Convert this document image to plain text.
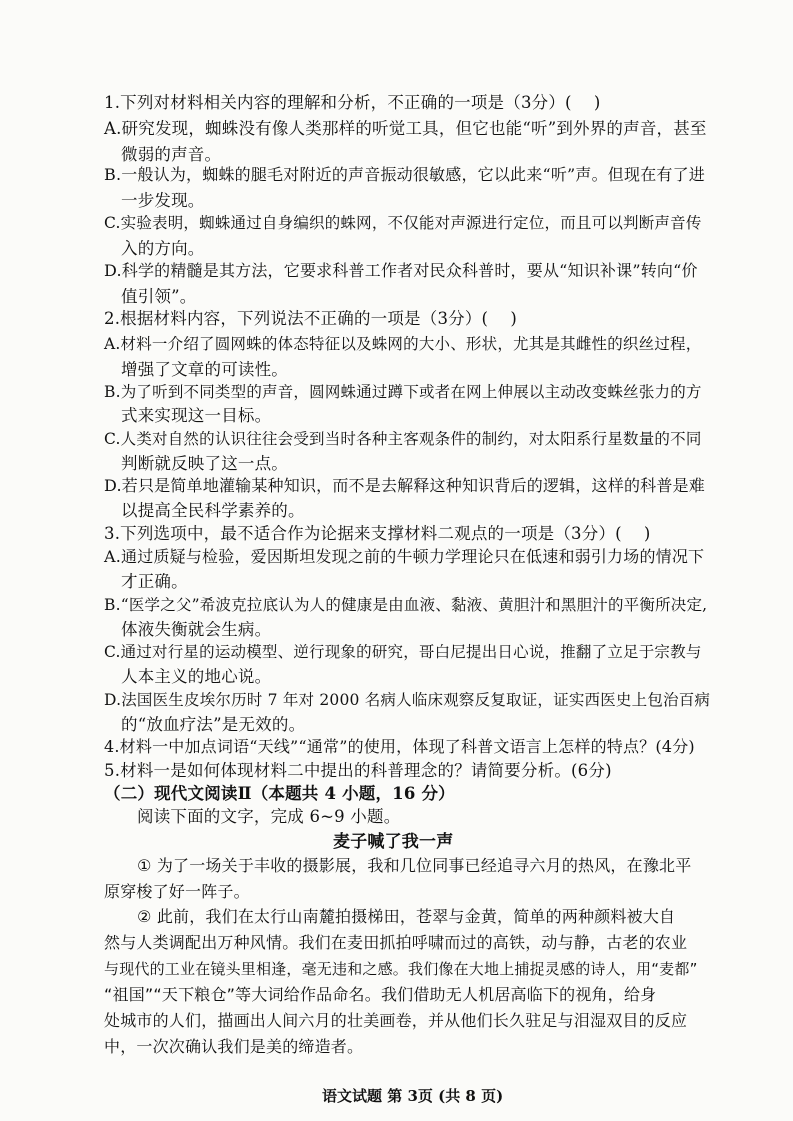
1.下列对材料相关内容的理解和分析，不正确的一项是（3分）(　 )
A.研究发现，蜘蛛没有像人类那样的听觉工具，但它也能“听”到外界的声音，甚至
微弱的声音。
B.一般认为，蜘蛛的腿毛对附近的声音振动很敏感，它以此来“听”声。但现在有了进
一步发现。
C.实验表明，蜘蛛通过自身编织的蛛网，不仅能对声源进行定位，而且可以判断声音传
入的方向。
D.科学的精髓是其方法，它要求科普工作者对民众科普时，要从“知识补课”转向“价
值引领”。
2.根据材料内容，下列说法不正确的一项是（3分）(　 )
A.材料一介绍了圆网蛛的体态特征以及蛛网的大小、形状，尤其是其雌性的织丝过程，
增强了文章的可读性。
B.为了听到不同类型的声音，圆网蛛通过蹲下或者在网上伸展以主动改变蛛丝张力的方
式来实现这一目标。
C.人类对自然的认识往往会受到当时各种主客观条件的制约，对太阳系行星数量的不同
判断就反映了这一点。
D.若只是简单地灌输某种知识，而不是去解释这种知识背后的逻辑，这样的科普是难
以提高全民科学素养的。
3.下列选项中，最不适合作为论据来支撑材料二观点的一项是（3分）(　 )
A.通过质疑与检验，爱因斯坦发现之前的牛顿力学理论只在低速和弱引力场的情况下
才正确。
B.“医学之父”希波克拉底认为人的健康是由血液、黏液、黄胆汁和黑胆汁的平衡所决定,
体液失衡就会生病。
C.通过对行星的运动模型、逆行现象的研究，哥白尼提出日心说，推翻了立足于宗教与
人本主义的地心说。
D.法国医生皮埃尔历时 7 年对 2000 名病人临床观察反复取证，证实西医史上包治百病
的“放血疗法”是无效的。
4.材料一中加点词语“天线”“通常”的使用，体现了科普文语言上怎样的特点？(4分)
5.材料一是如何体现材料二中提出的科普理念的？请简要分析。(6分)
（二）现代文阅读Ⅱ（本题共 4 小题，16 分）
阅读下面的文字，完成 6~9 小题。
麦子喊了我一声
① 为了一场关于丰收的摄影展，我和几位同事已经追寻六月的热风，在豫北平
原穿梭了好一阵子。
② 此前，我们在太行山南麓拍摄梯田，苍翠与金黄，简单的两种颜料被大自
然与人类调配出万种风情。我们在麦田抓拍呼啸而过的高铁，动与静，古老的农业
与现代的工业在镜头里相逢，毫无违和之感。我们像在大地上捕捉灵感的诗人，用“麦都”
“祖国”“天下粮仓”等大词给作品命名。我们借助无人机居高临下的视角，给身
处城市的人们，描画出人间六月的壮美画卷，并从他们长久驻足与泪湿双目的反应
中，一次次确认我们是美的缔造者。
语文试题 第 3页 (共 8 页)
